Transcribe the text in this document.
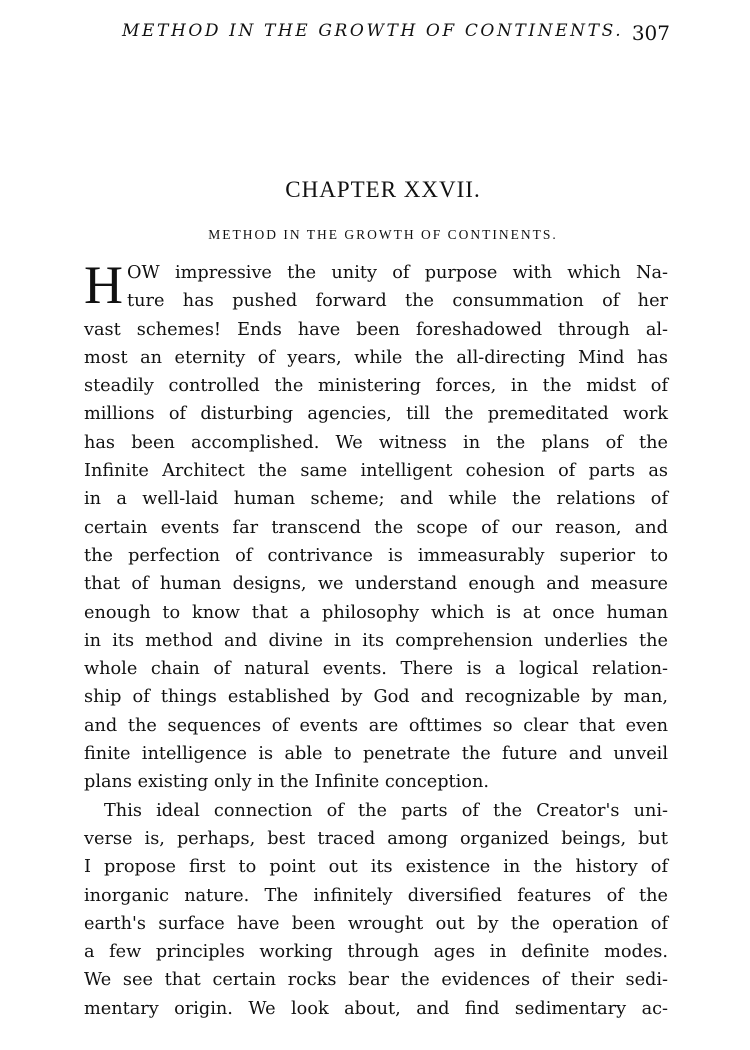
METHOD IN THE GROWTH OF CONTINENTS. 307
CHAPTER XXVII.
METHOD IN THE GROWTH OF CONTINENTS.
H OW impressive the unity of purpose with which Na-
ture has pushed forward the consummation of her
vast schemes! Ends have been foreshadowed through al-
most an eternity of years, while the all-directing Mind has
steadily controlled the ministering forces, in the midst of
millions of disturbing agencies, till the premeditated work
has been accomplished. We witness in the plans of the
Infinite Architect the same intelligent cohesion of parts as
in a well-laid human scheme; and while the relations of
certain events far transcend the scope of our reason, and
the perfection of contrivance is immeasurably superior to
that of human designs, we understand enough and measure
enough to know that a philosophy which is at once human
in its method and divine in its comprehension underlies the
whole chain of natural events. There is a logical relation-
ship of things established by God and recognizable by man,
and the sequences of events are ofttimes so clear that even
finite intelligence is able to penetrate the future and unveil
plans existing only in the Infinite conception.
This ideal connection of the parts of the Creator's uni-
verse is, perhaps, best traced among organized beings, but
I propose first to point out its existence in the history of
inorganic nature. The infinitely diversified features of the
earth's surface have been wrought out by the operation of
a few principles working through ages in definite modes.
We see that certain rocks bear the evidences of their sedi-
mentary origin. We look about, and find sedimentary ac-
